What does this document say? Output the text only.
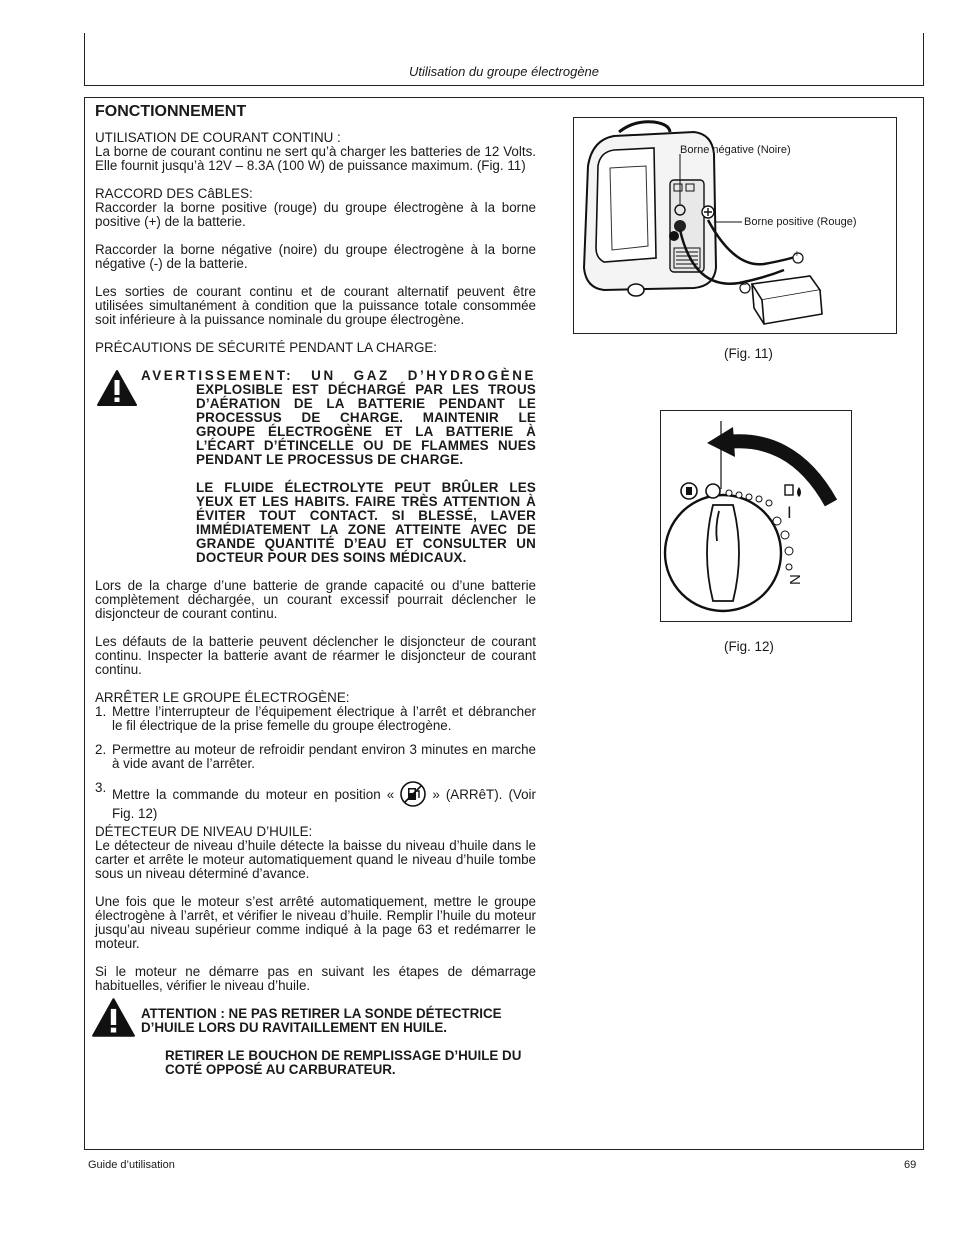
Utilisation du groupe électrogène
FONCTIONNEMENT

UTILISATION DE COURANT CONTINU :
La borne de courant continu ne sert qu’à charger les batteries de 12 Volts. Elle fournit jusqu’à 12V – 8.3A (100 W) de puissance maximum. (Fig. 11)

RACCORD DES CâBLES:
Raccorder la borne positive (rouge) du groupe électrogène à la borne positive (+) de la batterie.

Raccorder la borne négative (noire) du groupe électrogène à la borne négative (-) de la batterie.

Les sorties de courant continu et de courant alternatif peuvent être utilisées simultanément à condition que la puissance totale consommée soit inférieure à la puissance nominale du groupe électrogène.

PRÉCAUTIONS DE SÉCURITÉ PENDANT LA CHARGE:

AVERTISSEMENT: UN GAZ D’HYDROGÈNE EXPLOSIBLE EST DÉCHARGÉ PAR LES TROUS D’AÉRATION DE LA BATTERIE PENDANT LE PROCESSUS DE CHARGE. MAINTENIR LE GROUPE ÉLECTROGÈNE ET LA BATTERIE À L’ÉCART D’ÉTINCELLE OU DE FLAMMES NUES PENDANT LE PROCESSUS DE CHARGE.

LE FLUIDE ÉLECTROLYTE PEUT BRÛLER LES YEUX ET LES HABITS. FAIRE TRÈS ATTENTION À ÉVITER TOUT CONTACT. SI BLESSÉ, LAVER IMMÉDIATEMENT LA ZONE ATTEINTE AVEC DE GRANDE QUANTITÉ D’EAU ET CONSULTER UN DOCTEUR POUR DES SOINS MÉDICAUX.

Lors de la charge d’une batterie de grande capacité ou d’une batterie complètement déchargée, un courant excessif pourrait déclencher le disjoncteur de courant continu.

Les défauts de la batterie peuvent déclencher le disjoncteur de courant continu. Inspecter la batterie avant de réarmer le disjoncteur de courant continu.

ARRÊTER LE GROUPE ÉLECTROGÈNE:
1. Mettre l’interrupteur de l’équipement électrique à l’arrêt et débrancher le fil électrique de la prise femelle du groupe électrogène.
2. Permettre au moteur de refroidir pendant environ 3 minutes en marche à vide avant de l’arrêter.
3. Mettre la commande du moteur en position «	» (ARRêT). (Voir Fig. 12)

DÉTECTEUR DE NIVEAU D’HUILE:
Le détecteur de niveau d’huile détecte la baisse du niveau d’huile dans le carter et arrête le moteur automatiquement quand le niveau d’huile tombe sous un niveau déterminé d’avance.

Une fois que le moteur s’est arrêté automatiquement, mettre le groupe électrogène à l’arrêt, et vérifier le niveau d’huile. Remplir l’huile du moteur jusqu’au niveau supérieur comme indiqué à la page 63 et redémarrer le moteur.

Si le moteur ne démarre pas en suivant les étapes de démarrage habituelles, vérifier le niveau d’huile.

ATTENTION : NE PAS RETIRER LA SONDE DÉTECTRICE D’HUILE LORS DU RAVITAILLEMENT EN HUILE.

RETIRER LE BOUCHON DE REMPLISSAGE D’HUILE DU COTÉ OPPOSÉ AU CARBURATEUR.

Borne négative (Noire)
Borne positive (Rouge)
+
−
(Fig. 11)
I
N
(Fig. 12)
Guide d’utilisation	69
